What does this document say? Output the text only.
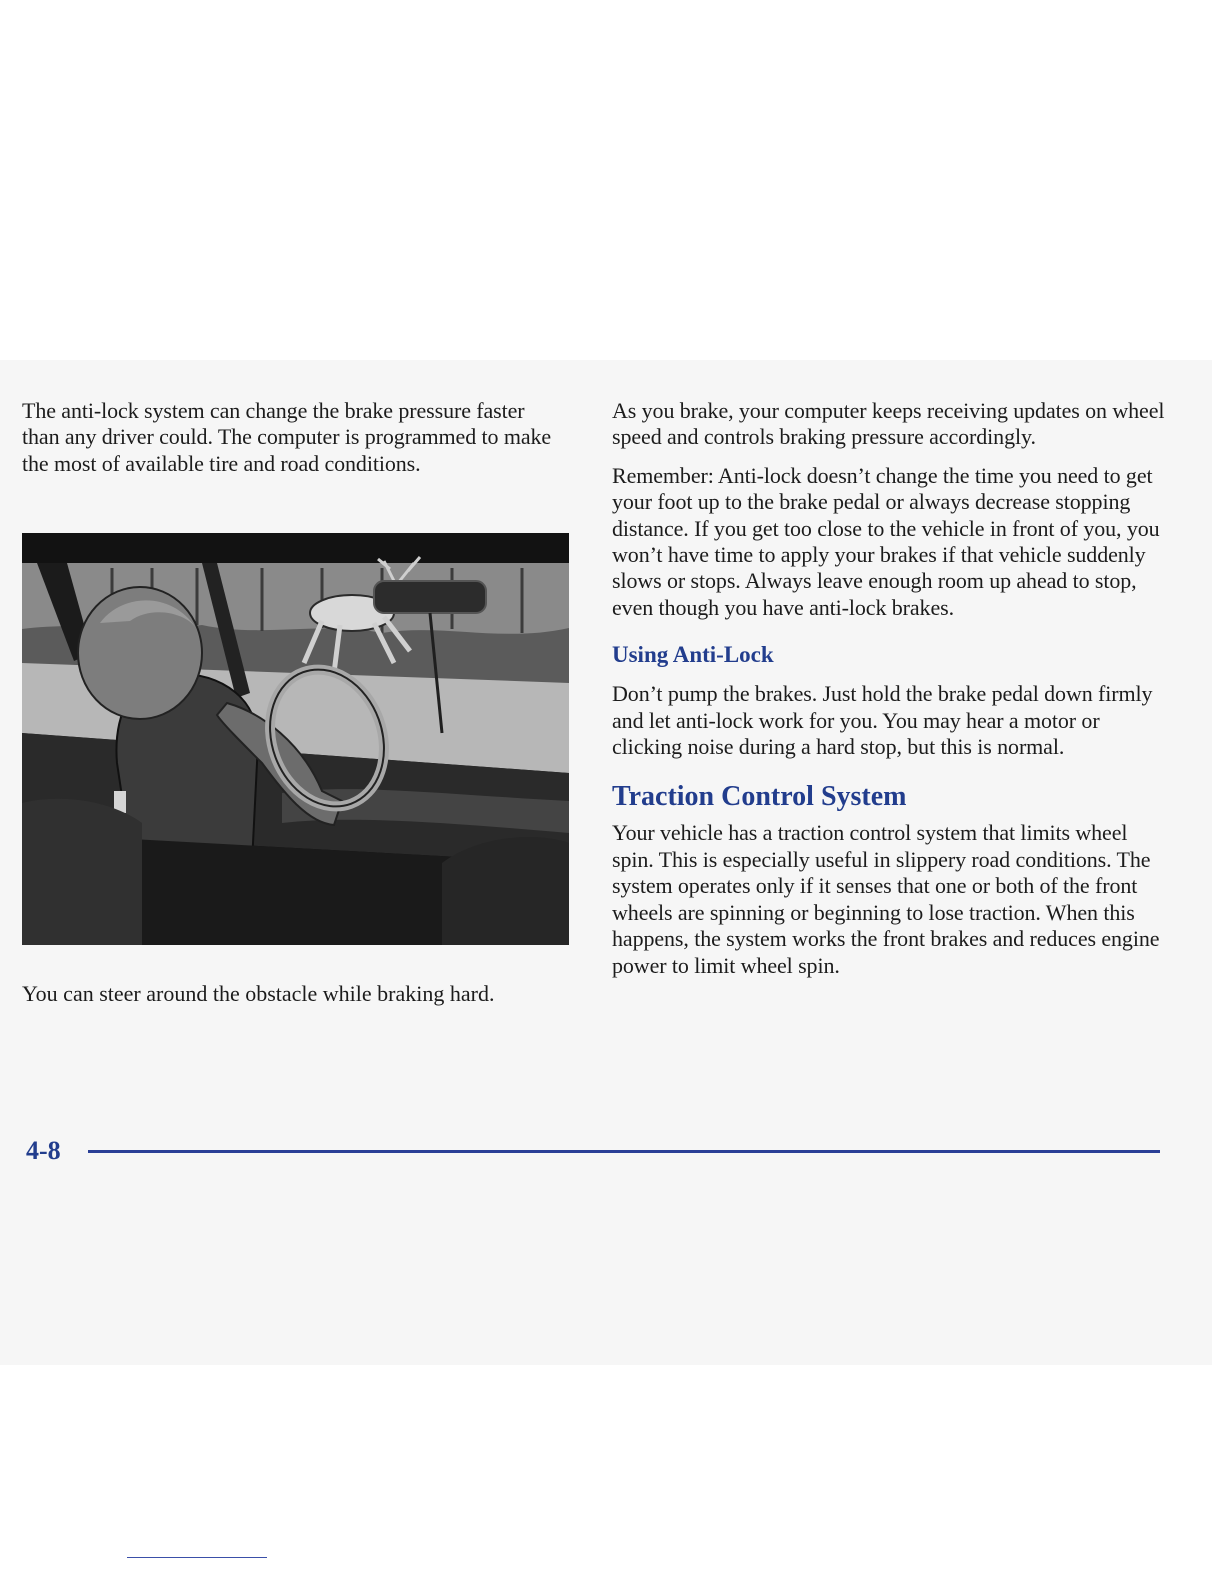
The anti-lock system can change the brake pressure faster than any driver could. The computer is programmed to make the most of available tire and road conditions.

You can steer around the obstacle while braking hard.

As you brake, your computer keeps receiving updates on wheel speed and controls braking pressure accordingly.

Remember: Anti-lock doesn’t change the time you need to get your foot up to the brake pedal or always decrease stopping distance. If you get too close to the vehicle in front of you, you won’t have time to apply your brakes if that vehicle suddenly slows or stops. Always leave enough room up ahead to stop, even though you have anti-lock brakes.

Using Anti-Lock

Don’t pump the brakes. Just hold the brake pedal down firmly and let anti-lock work for you. You may hear a motor or clicking noise during a hard stop, but this is normal.

Traction Control System

Your vehicle has a traction control system that limits wheel spin. This is especially useful in slippery road conditions. The system operates only if it senses that one or both of the front wheels are spinning or beginning to lose traction. When this happens, the system works the front brakes and reduces engine power to limit wheel spin.

4-8
